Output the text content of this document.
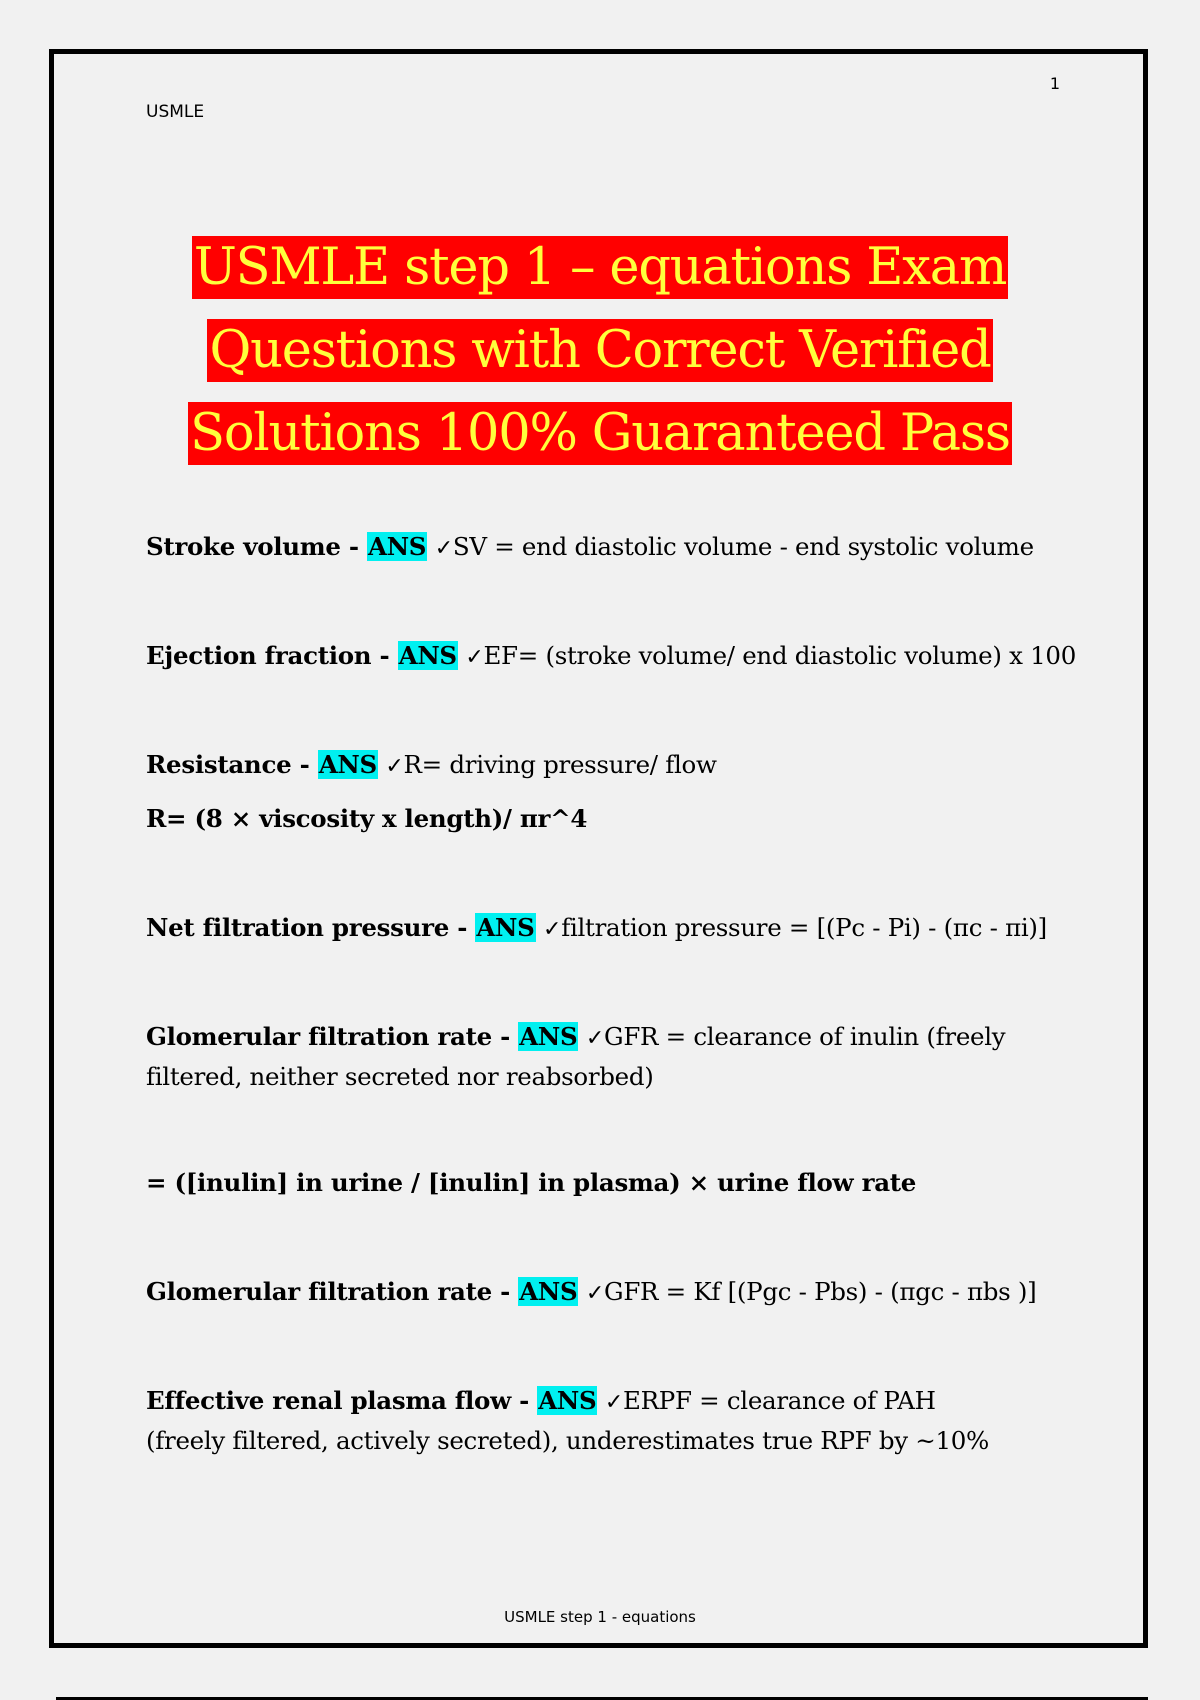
1
USMLE
USMLE step 1 – equations Exam
Questions with Correct Verified
Solutions 100% Guaranteed Pass
Stroke volume - ANS ✓SV = end diastolic volume - end systolic volume
Ejection fraction - ANS ✓EF= (stroke volume/ end diastolic volume) x 100
Resistance - ANS ✓R= driving pressure/ flow
R= (8 × viscosity x length)/ πr^4
Net filtration pressure - ANS ✓filtration pressure = [(Pc - Pi) - (πc - πi)]
Glomerular filtration rate - ANS ✓GFR = clearance of inulin (freely filtered, neither secreted nor reabsorbed)
= ([inulin] in urine / [inulin] in plasma) × urine flow rate
Glomerular filtration rate - ANS ✓GFR = Kf [(Pgc - Pbs) - (πgc - πbs )]
Effective renal plasma flow - ANS ✓ERPF = clearance of PAH (freely filtered, actively secreted), underestimates true RPF by ~10%
USMLE step 1 - equations
